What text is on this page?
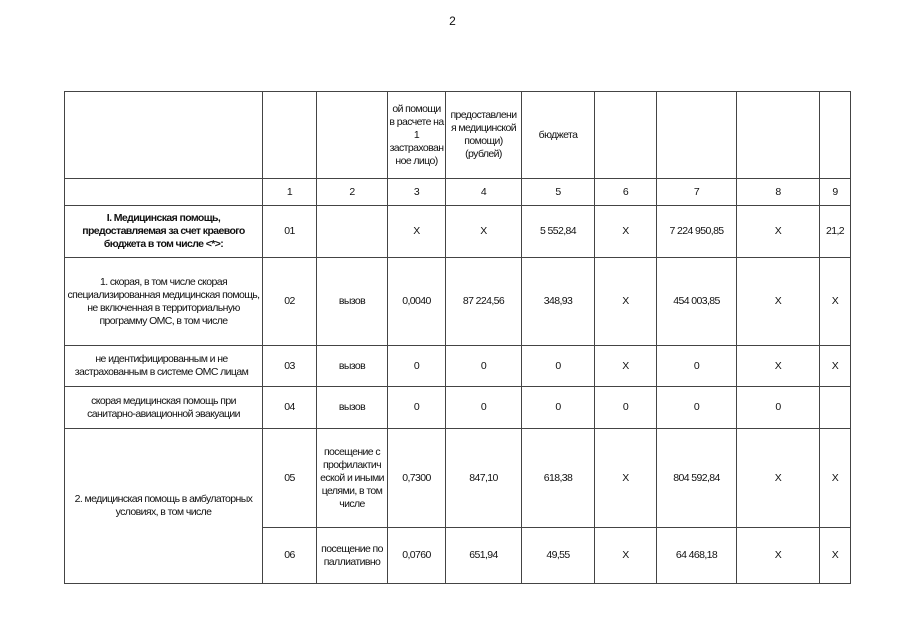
2
			ой помощи в расчете на 1 застрахован ное лицо)	предоставлени я медицинской помощи) (рублей)	бюджета				
	1	2	3	4	5	6	7	8	9
I. Медицинская помощь, предоставляемая за счет краевого бюджета в том числе <*>:	01		Х	Х	5 552,84	Х	7 224 950,85	Х	21,2
1. скорая, в том числе скорая специализированная медицинская помощь, не включенная в территориальную программу ОМС, в том числе	02	вызов	0,0040	87 224,56	348,93	Х	454 003,85	Х	Х

не идентифицированным и не застрахованным в системе ОМС лицам	03	вызов	0	0	0	Х	0	Х	Х
скорая медицинская помощь при санитарно-авиационной эвакуации	04	вызов	0	0	0	0	0	0	
2. медицинская помощь в амбулаторных условиях, в том числе	05	посещение с профилактич еской и иными целями, в том числе	0,7300	847,10	618,38	Х	804 592,84	Х	Х
	06	посещение по паллиативно	0,0760	651,94	49,55	Х	64 468,18	Х	Х
